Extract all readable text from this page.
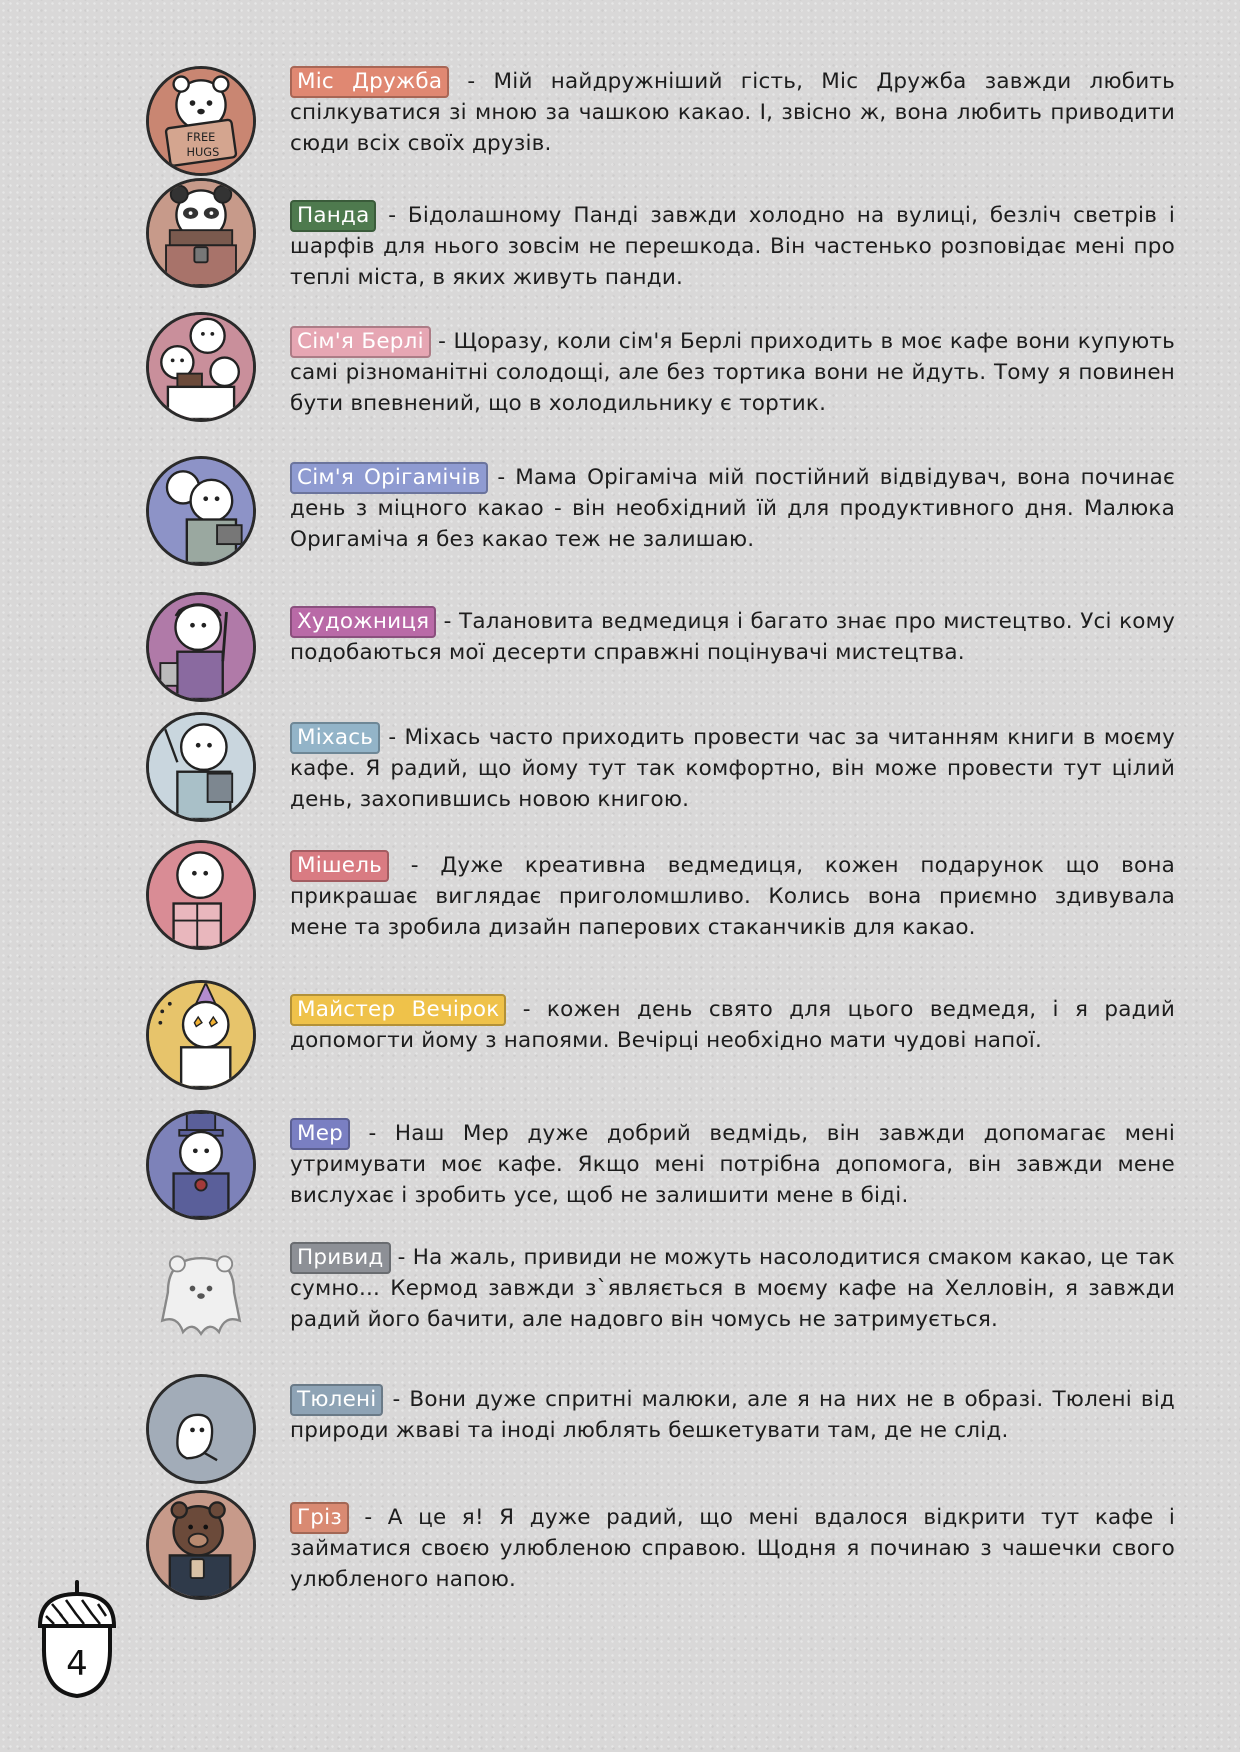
FREE
HUGS

Міс Дружба - Мій найдружніший гість, Міс Дружба завжди любить спілкуватися зі мною за чашкою какао. І, звісно ж, вона любить приводити сюди всіх своїх друзів.

Панда - Бідолашному Панді завжди холодно на вулиці, безліч светрів і шарфів для нього зовсім не перешкода. Він частенько розповідає мені про теплі міста, в яких живуть панди.

Сім'я Берлі - Щоразу, коли сім'я Берлі приходить в моє кафе вони купують самі різноманітні солодощі, але без тортика вони не йдуть. Тому я повинен бути впевнений, що в холодильнику є тортик.

Сім'я Орігамічів - Мама Орігаміча мій постійний відвідувач, вона починає день з міцного какао - він необхідний їй для продуктивного дня. Малюка Оригаміча я без какао теж не залишаю.

Художниця - Талановита ведмедиця і багато знає про мистецтво. Усі кому подобаються мої десерти справжні поцінувачі мистецтва.

Міхась - Міхась часто приходить провести час за читанням книги в моєму кафе. Я радий, що йому тут так комфортно, він може провести тут цілий день, захопившись новою книгою.

Мішель - Дуже креативна ведмедиця, кожен подарунок що вона прикрашає виглядає приголомшливо. Колись вона приємно здивувала мене та зробила дизайн паперових стаканчиків для какао.

Майстер Вечірок - кожен день свято для цього ведмедя, і я радий допомогти йому з напоями. Вечірці необхідно мати чудові напої.

Мер - Наш Мер дуже добрий ведмідь, він завжди допомагає мені утримувати моє кафе. Якщо мені потрібна допомога, він завжди мене вислухає і зробить усе, щоб не залишити мене в біді.

Привид - На жаль, привиди не можуть насолодитися смаком какао, це так сумно... Кермод завжди з`являється в моєму кафе на Хелловін, я завжди радий його бачити, але надовго він чомусь не затримується.

Тюлені - Вони дуже спритні малюки, але я на них не в образі. Тюлені від природи жваві та іноді люблять бешкетувати там, де не слід.

Гріз - А це я! Я дуже радий, що мені вдалося відкрити тут кафе і займатися своєю улюбленою справою. Щодня я починаю з чашечки свого улюбленого напою.

4
